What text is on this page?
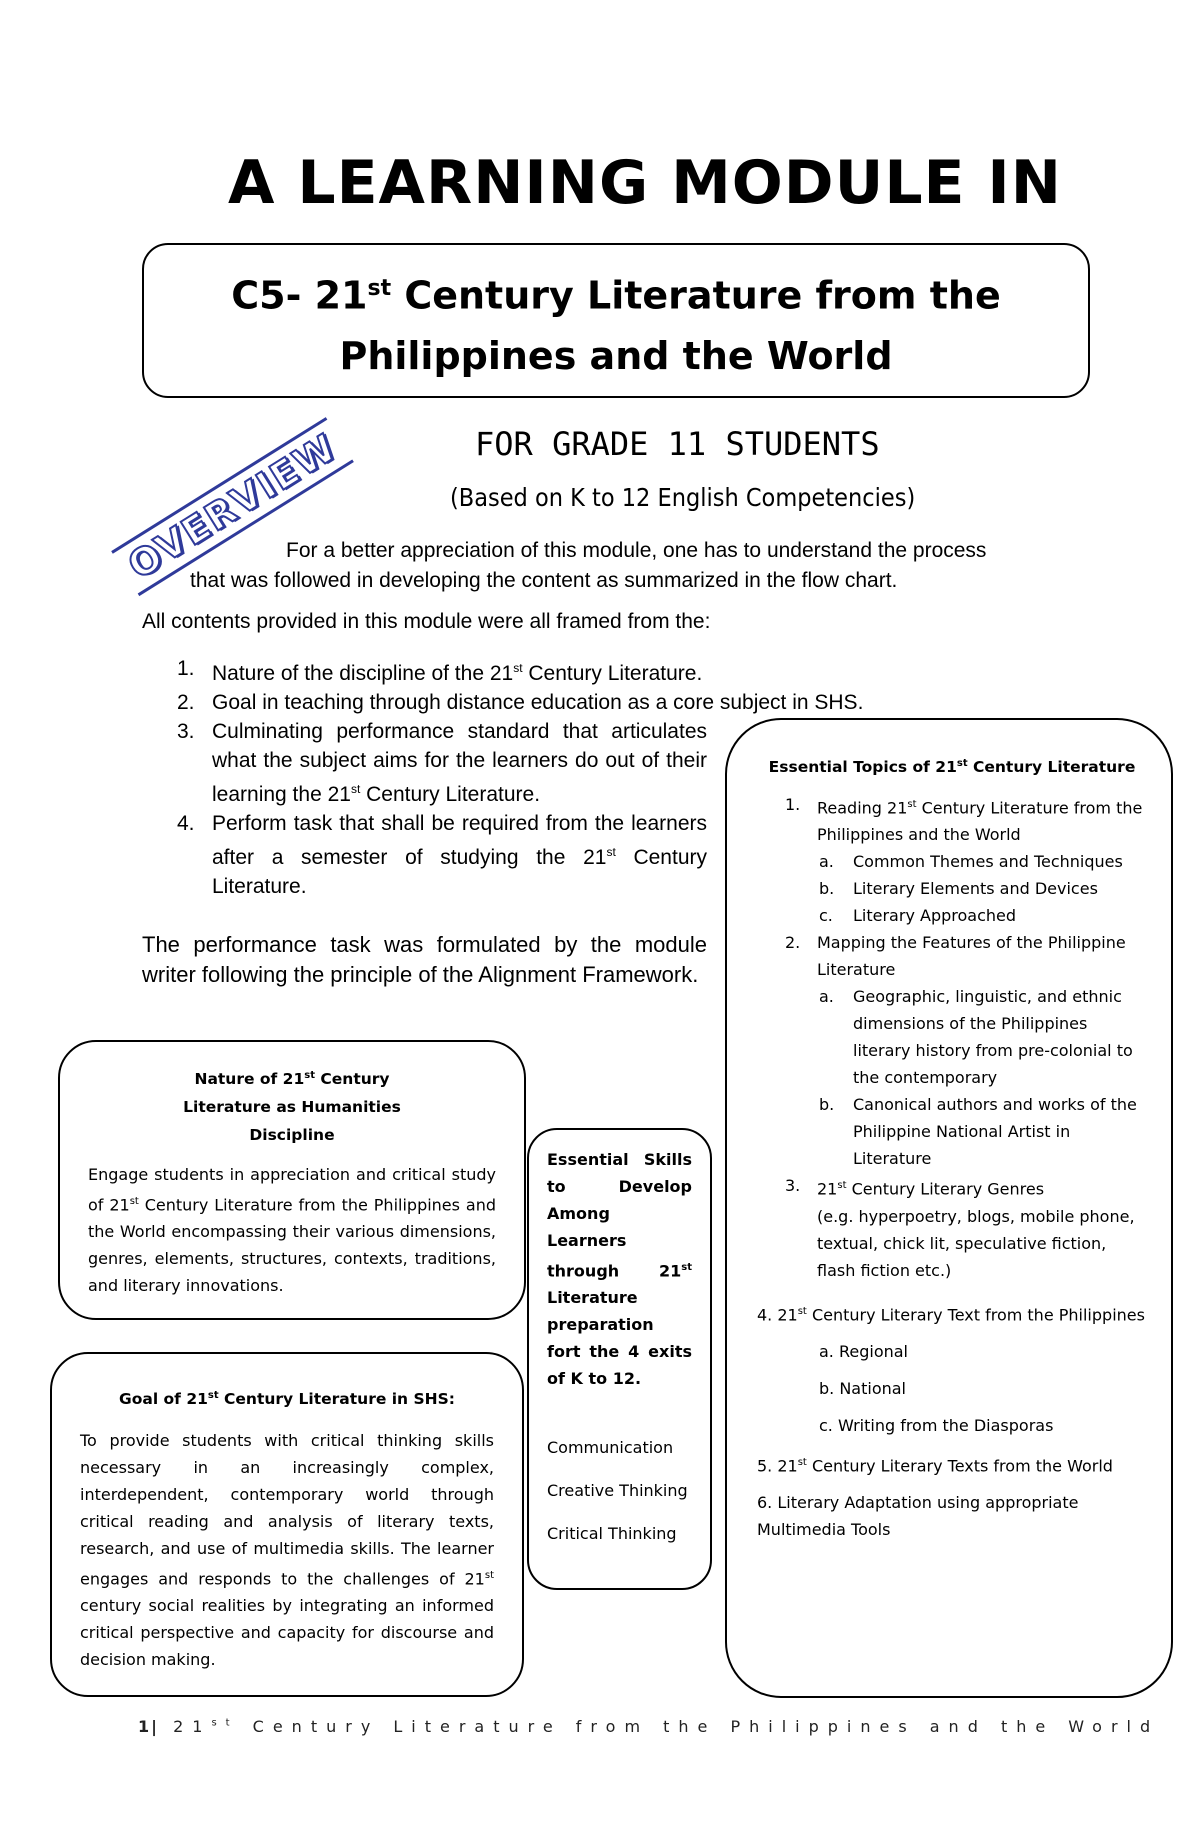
A LEARNING MODULE IN
C5- 21st Century Literature from the
Philippines and the World
OVERVIEW	FOR GRADE 11 STUDENTS
(Based on K to 12 English Competencies)
For a better appreciation of this module, one has to understand the process
that was followed in developing the content as summarized in the flow chart.
All contents provided in this module were all framed from the:
1. Nature of the discipline of the 21st Century Literature.
2. Goal in teaching through distance education as a core subject in SHS.
3. Culminating performance standard that articulates what the subject aims for the learners do out of their learning the 21st Century Literature.
4. Perform task that shall be required from the learners after a semester of studying the 21st Century Literature.
The performance task was formulated by the module writer following the principle of the Alignment Framework.
Essential Topics of 21st Century Literature
1. Reading 21st Century Literature from the Philippines and the World
a. Common Themes and Techniques
b. Literary Elements and Devices
c. Literary Approached
2. Mapping the Features of the Philippine Literature
a. Geographic, linguistic, and ethnic dimensions of the Philippines literary history from pre-colonial to the contemporary
b. Canonical authors and works of the Philippine National Artist in Literature
3. 21st Century Literary Genres
(e.g. hyperpoetry, blogs, mobile phone, textual, chick lit, speculative fiction, flash fiction etc.)
4. 21st Century Literary Text from the Philippines
a. Regional
b. National
c. Writing from the Diasporas
5. 21st Century Literary Texts from the World
6. Literary Adaptation using appropriate Multimedia Tools
Nature of 21st Century Literature as Humanities Discipline
Engage students in appreciation and critical study of 21st Century Literature from the Philippines and the World encompassing their various dimensions, genres, elements, structures, contexts, traditions, and literary innovations.
Essential Skills to Develop Among Learners through 21st Literature preparation fort the 4 exits of K to 12.
Communication
Creative Thinking
Critical Thinking
Goal of 21st Century Literature in SHS:
To provide students with critical thinking skills necessary in an increasingly complex, interdependent, contemporary world through critical reading and analysis of literary texts, research, and use of multimedia skills. The learner engages and responds to the challenges of 21st century social realities by integrating an informed critical perspective and capacity for discourse and decision making.
1| 21st Century Literature from the Philippines and the World
